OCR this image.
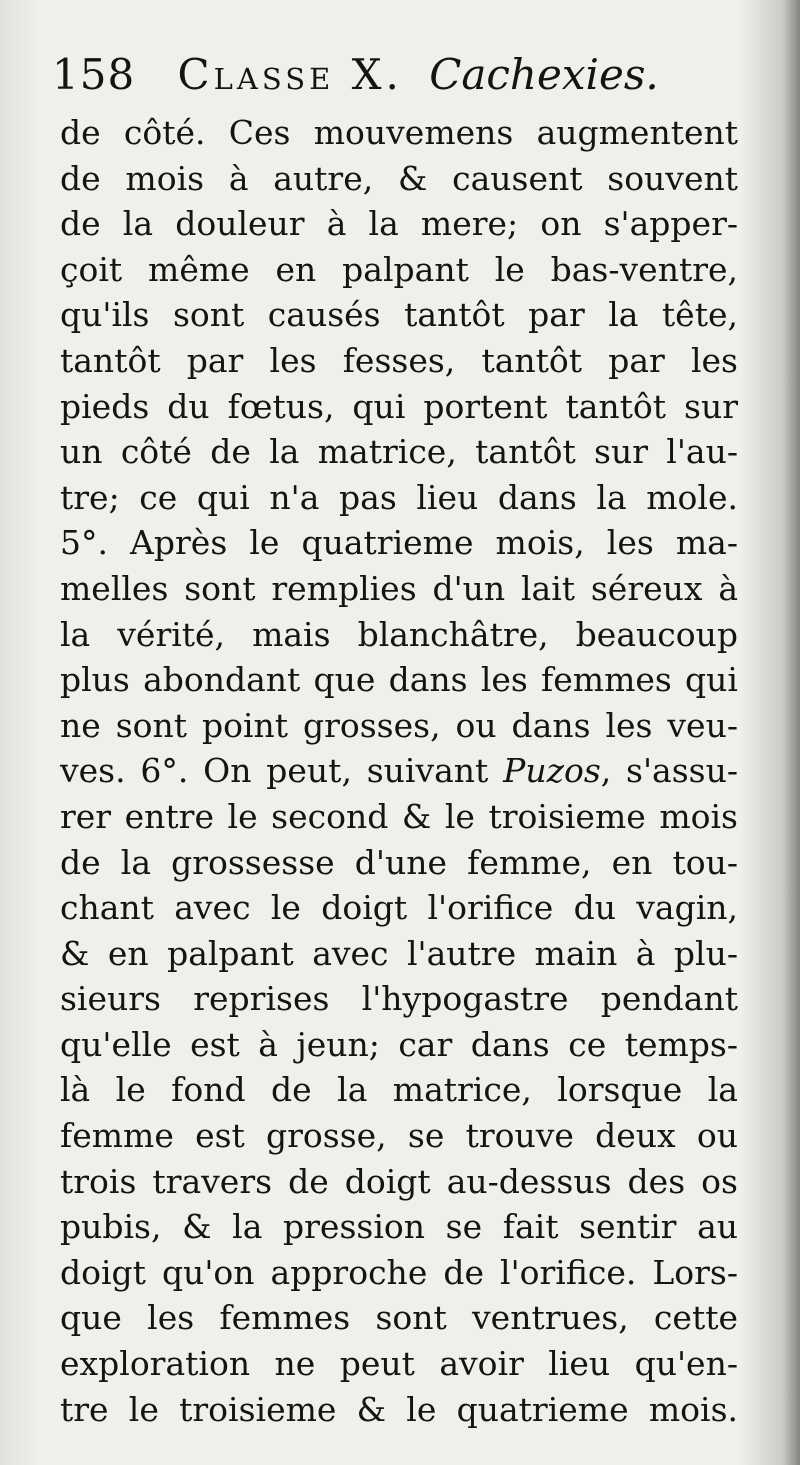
158 Classe X. Cachexies.
de côté. Ces mouvemens augmentent
de mois à autre, & causent souvent
de la douleur à la mere; on s'apper-
çoit même en palpant le bas-ventre,
qu'ils sont causés tantôt par la tête,
tantôt par les fesses, tantôt par les
pieds du fœtus, qui portent tantôt sur
un côté de la matrice, tantôt sur l'au-
tre; ce qui n'a pas lieu dans la mole.
5°. Après le quatrieme mois, les ma-
melles sont remplies d'un lait séreux à
la vérité, mais blanchâtre, beaucoup
plus abondant que dans les femmes qui
ne sont point grosses, ou dans les veu-
ves. 6°. On peut, suivant Puzos, s'assu-
rer entre le second & le troisieme mois
de la grossesse d'une femme, en tou-
chant avec le doigt l'orifice du vagin,
& en palpant avec l'autre main à plu-
sieurs reprises l'hypogastre pendant
qu'elle est à jeun; car dans ce temps-
là le fond de la matrice, lorsque la
femme est grosse, se trouve deux ou
trois travers de doigt au-dessus des os
pubis, & la pression se fait sentir au
doigt qu'on approche de l'orifice. Lors-
que les femmes sont ventrues, cette
exploration ne peut avoir lieu qu'en-
tre le troisieme & le quatrieme mois.
